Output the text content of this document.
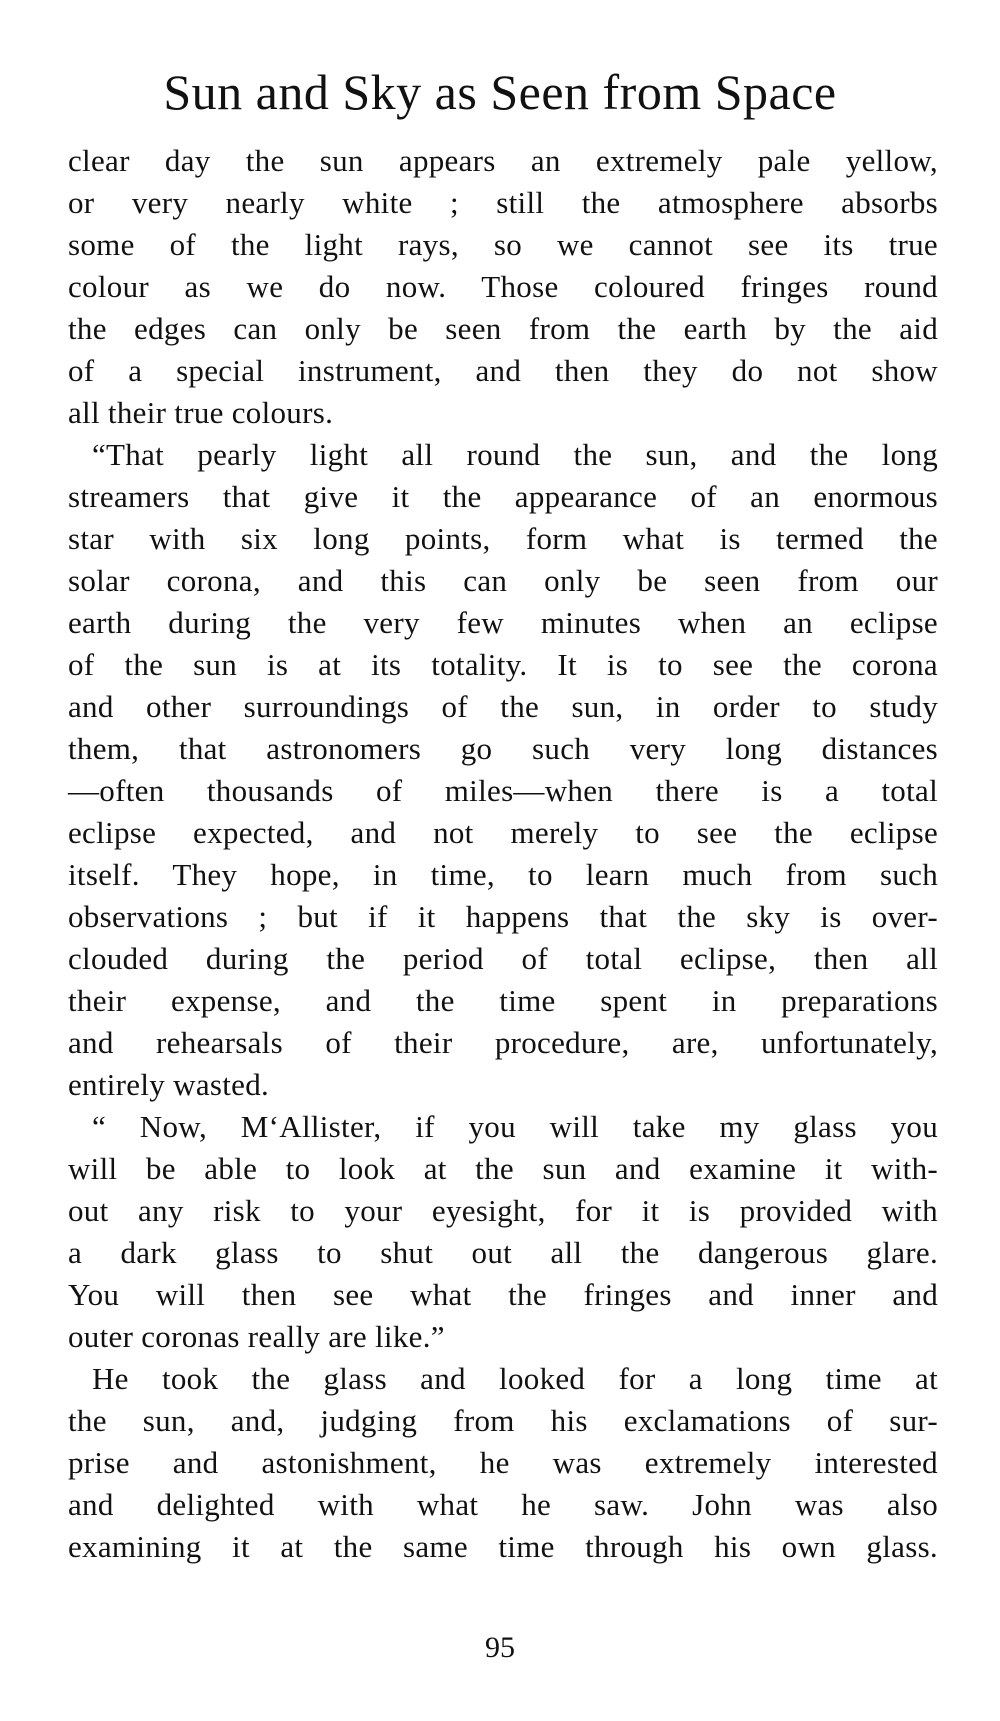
Sun and Sky as Seen from Space
clear day the sun appears an extremely pale yellow,
or very nearly white ; still the atmosphere absorbs
some of the light rays, so we cannot see its true
colour as we do now. Those coloured fringes round
the edges can only be seen from the earth by the aid
of a special instrument, and then they do not show
all their true colours.
“That pearly light all round the sun, and the long
streamers that give it the appearance of an enormous
star with six long points, form what is termed the
solar corona, and this can only be seen from our
earth during the very few minutes when an eclipse
of the sun is at its totality. It is to see the corona
and other surroundings of the sun, in order to study
them, that astronomers go such very long distances
—often thousands of miles—when there is a total
eclipse expected, and not merely to see the eclipse
itself. They hope, in time, to learn much from such
observations ; but if it happens that the sky is over-
clouded during the period of total eclipse, then all
their expense, and the time spent in preparations
and rehearsals of their procedure, are, unfortunately,
entirely wasted.
“ Now, M‘Allister, if you will take my glass you
will be able to look at the sun and examine it with-
out any risk to your eyesight, for it is provided with
a dark glass to shut out all the dangerous glare.
You will then see what the fringes and inner and
outer coronas really are like.”
He took the glass and looked for a long time at
the sun, and, judging from his exclamations of sur-
prise and astonishment, he was extremely interested
and delighted with what he saw. John was also
examining it at the same time through his own glass.
95
